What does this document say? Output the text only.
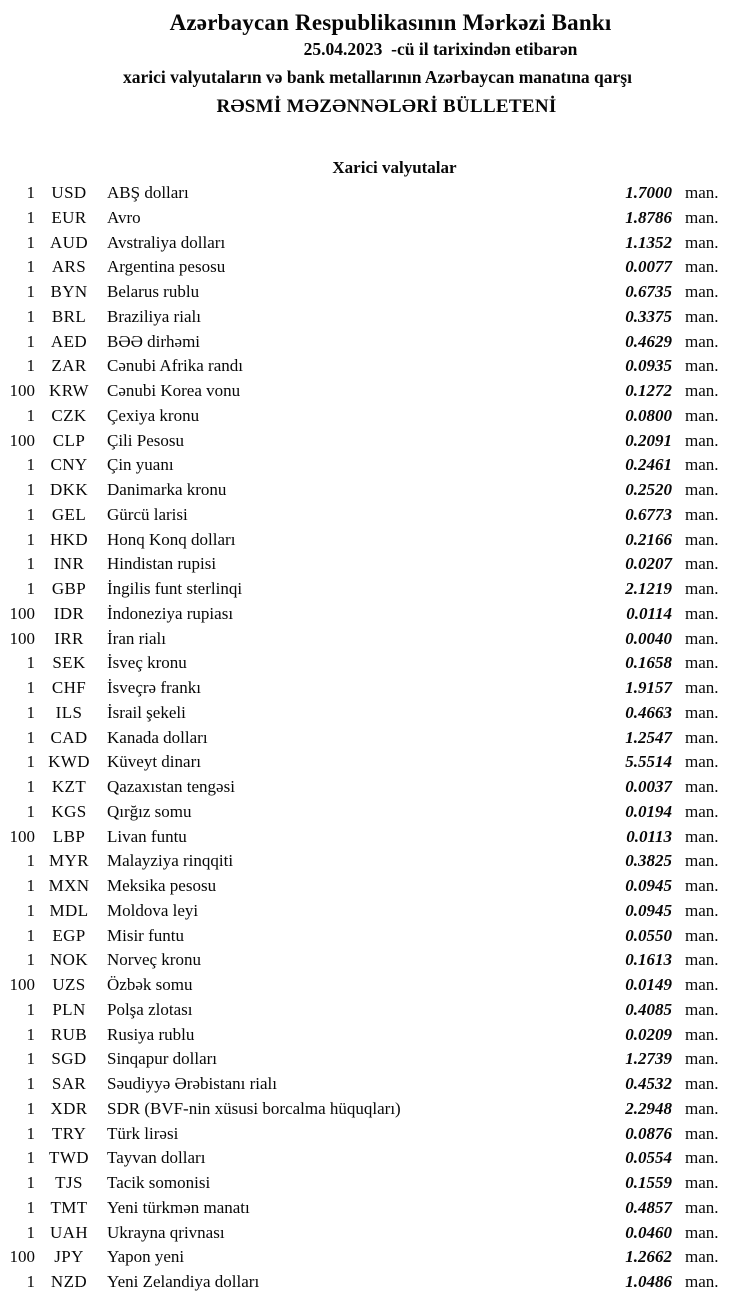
Azərbaycan Respublikasının Mərkəzi Bankı
25.04.2023  -cü il tarixindən etibarən
xarici valyutaların və bank metallarının Azərbaycan manatına qarşı
RƏSMİ MƏZƏNNƏLƏRİ BÜLLETENİ
Xarici valyutalar
1 USD	ABŞ dolları	1.7000 man.
1 EUR	Avro	1.8786 man.
1 AUD	Avstraliya dolları	1.1352 man.
1 ARS	Argentina pesosu	0.0077 man.
1 BYN	Belarus rublu	0.6735 man.
1 BRL	Braziliya rialı	0.3375 man.
1 AED	BƏƏ dirhəmi	0.4629 man.
1 ZAR	Cənubi Afrika randı	0.0935 man.
100 KRW	Cənubi Korea vonu	0.1272 man.
1 CZK	Çexiya kronu	0.0800 man.
100	CLP	Çili Pesosu	0.2091 man.
1 CNY	Çin yuanı	0.2461 man.
1 DKK	Danimarka kronu	0.2520 man.
1 GEL	Gürcü larisi	0.6773 man.
1 HKD	Honq Konq dolları	0.2166 man.
1	INR	Hindistan rupisi	0.0207 man.
1 GBP	İngilis funt sterlinqi	2.1219 man.
100	IDR	İndoneziya rupiası	0.0114 man.
100	IRR	İran rialı	0.0040 man.
1	SEK	İsveç kronu	0.1658 man.
1 CHF	İsveçrə frankı	1.9157 man.
1	ILS	İsrail şekeli	0.4663 man.
1 CAD	Kanada dolları	1.2547 man.
1 KWD	Küveyt dinarı	5.5514 man.
1 KZT	Qazaxıstan tengəsi	0.0037 man.
1 KGS	Qırğız somu	0.0194 man.
100	LBP	Livan funtu	0.0113 man.
1 MYR	Malayziya rinqqiti	0.3825 man.
1 MXN	Meksika pesosu	0.0945 man.
1 MDL	Moldova leyi	0.0945 man.
1	EGP	Misir funtu	0.0550 man.
1 NOK	Norveç kronu	0.1613 man.
100	UZS	Özbək somu	0.0149 man.
1	PLN	Polşa zlotası	0.4085 man.
1 RUB	Rusiya rublu	0.0209 man.
1 SGD	Sinqapur dolları	1.2739 man.
1 SAR	Səudiyyə Ərəbistanı rialı	0.4532 man.
1 XDR	SDR (BVF-nin xüsusi borcalma hüquqları)	2.2948 man.
1 TRY	Türk lirəsi	0.0876 man.
1 TWD	Tayvan dolları	0.0554 man.
1	TJS	Tacik somonisi	0.1559 man.
1 TMT	Yeni türkmən manatı	0.4857 man.
1 UAH	Ukrayna qrivnası	0.0460 man.
100	JPY	Yapon yeni	1.2662 man.
1 NZD	Yeni Zelandiya dolları	1.0486 man.
